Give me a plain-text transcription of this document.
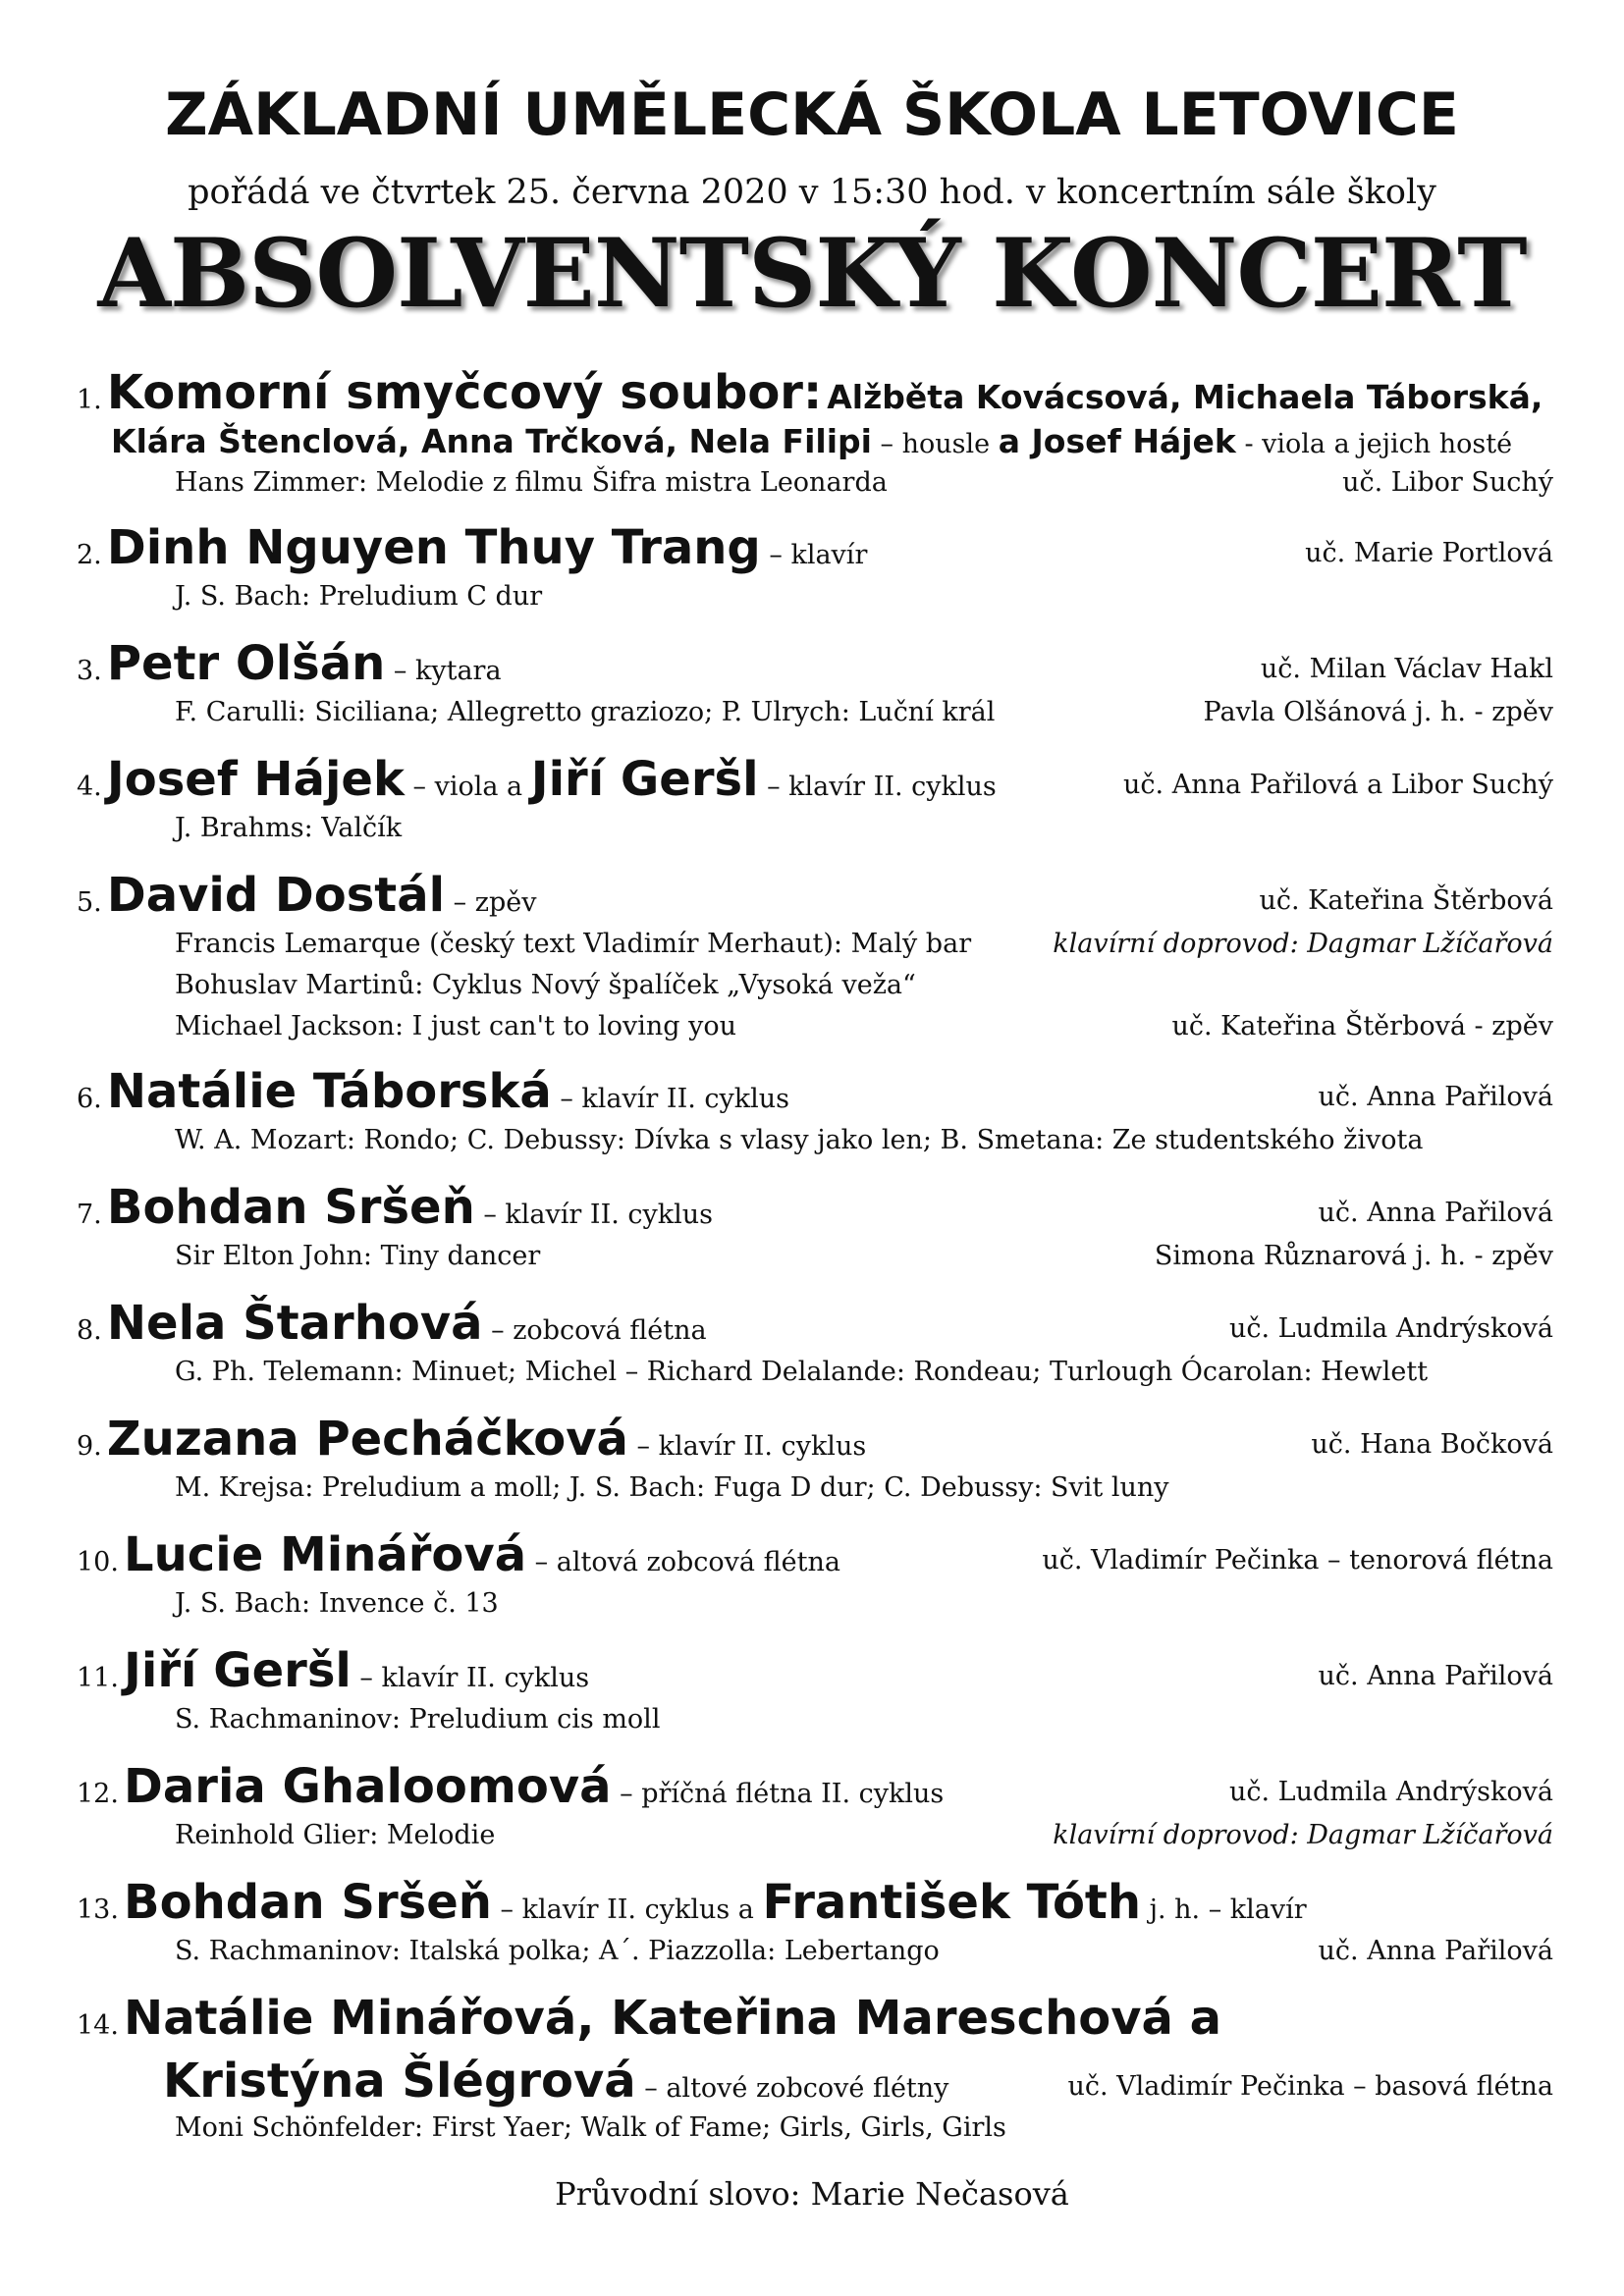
ZÁKLADNÍ UMĚLECKÁ ŠKOLA LETOVICE
pořádá ve čtvrtek 25. června 2020 v 15:30 hod. v koncertním sále školy
ABSOLVENTSKÝ KONCERT
1. Komorní smyčcový soubor: Alžběta Kovácsová, Michaela Táborská,
Klára Štenclová, Anna Trčková, Nela Filipi – housle a Josef Hájek - viola a jejich hosté
Hans Zimmer: Melodie z filmu Šifra mistra Leonarda	uč. Libor Suchý
2. Dinh Nguyen Thuy Trang – klavír	uč. Marie Portlová
J. S. Bach: Preludium C dur
3. Petr Olšán – kytara	uč. Milan Václav Hakl
F. Carulli: Siciliana; Allegretto graziozo; P. Ulrych: Luční král	Pavla Olšánová j. h. - zpěv
4. Josef Hájek – viola a Jiří Geršl – klavír II. cyklus	uč. Anna Pařilová a Libor Suchý
J. Brahms: Valčík
5. David Dostál – zpěv	uč. Kateřina Štěrbová
Francis Lemarque (český text Vladimír Merhaut): Malý bar	klavírní doprovod: Dagmar Lžíčařová
Bohuslav Martinů: Cyklus Nový špalíček „Vysoká veža“
Michael Jackson: I just can't to loving you	uč. Kateřina Štěrbová - zpěv
6. Natálie Táborská – klavír II. cyklus	uč. Anna Pařilová
W. A. Mozart: Rondo; C. Debussy: Dívka s vlasy jako len; B. Smetana: Ze studentského života
7. Bohdan Sršeň – klavír II. cyklus	uč. Anna Pařilová
Sir Elton John: Tiny dancer	Simona Různarová j. h. - zpěv
8. Nela Štarhová – zobcová flétna	uč. Ludmila Andrýsková
G. Ph. Telemann: Minuet; Michel – Richard Delalande: Rondeau; Turlough Ócarolan: Hewlett
9. Zuzana Pecháčková – klavír II. cyklus	uč. Hana Bočková
M. Krejsa: Preludium a moll; J. S. Bach: Fuga D dur; C. Debussy: Svit luny
10. Lucie Minářová – altová zobcová flétna	uč. Vladimír Pečinka – tenorová flétna
J. S. Bach: Invence č. 13
11. Jiří Geršl – klavír II. cyklus	uč. Anna Pařilová
S. Rachmaninov: Preludium cis moll
12. Daria Ghaloomová – příčná flétna II. cyklus	uč. Ludmila Andrýsková
Reinhold Glier: Melodie	klavírní doprovod: Dagmar Lžíčařová
13. Bohdan Sršeň – klavír II. cyklus a František Tóth j. h. – klavír
S. Rachmaninov: Italská polka; A´. Piazzolla: Lebertango	uč. Anna Pařilová
14. Natálie Minářová, Kateřina Mareschová a
Kristýna Šlégrová – altové zobcové flétny	uč. Vladimír Pečinka – basová flétna
Moni Schönfelder: First Yaer; Walk of Fame; Girls, Girls, Girls
Průvodní slovo: Marie Nečasová
